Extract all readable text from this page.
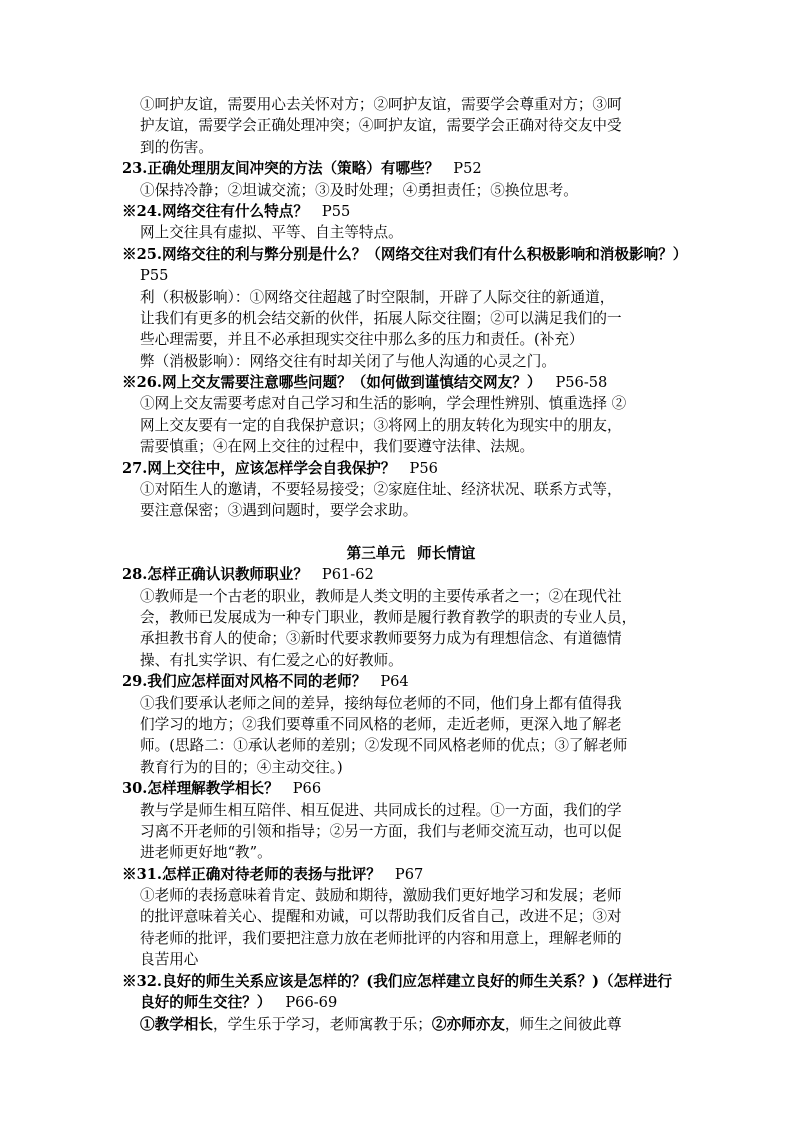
①呵护友谊，需要用心去关怀对方；②呵护友谊，需要学会尊重对方；③呵
护友谊，需要学会正确处理冲突；④呵护友谊，需要学会正确对待交友中受
到的伤害。
23.正确处理朋友间冲突的方法（策略）有哪些？ P52
①保持冷静；②坦诚交流；③及时处理；④勇担责任；⑤换位思考。
※24.网络交往有什么特点？ P55
网上交往具有虚拟、平等、自主等特点。
※25.网络交往的利与弊分别是什么？（网络交往对我们有什么积极影响和消极影响？）
P55
利（积极影响）：①网络交往超越了时空限制，开辟了人际交往的新通道，
让我们有更多的机会结交新的伙伴，拓展人际交往圈；②可以满足我们的一
些心理需要，并且不必承担现实交往中那么多的压力和责任。(补充）
弊（消极影响）：网络交往有时却关闭了与他人沟通的心灵之门。
※26.网上交友需要注意哪些问题？（如何做到谨慎结交网友？） P56-58
①网上交友需要考虑对自己学习和生活的影响，学会理性辨别、慎重选择 ②
网上交友要有一定的自我保护意识；③将网上的朋友转化为现实中的朋友，
需要慎重；④在网上交往的过程中，我们要遵守法律、法规。
27.网上交往中，应该怎样学会自我保护？ P56
①对陌生人的邀请，不要轻易接受；②家庭住址、经济状况、联系方式等，
要注意保密；③遇到问题时，要学会求助。
第三单元 师长情谊
28.怎样正确认识教师职业？ P61-62
①教师是一个古老的职业，教师是人类文明的主要传承者之一；②在现代社
会，教师已发展成为一种专门职业，教师是履行教育教学的职责的专业人员，
承担教书育人的使命；③新时代要求教师要努力成为有理想信念、有道德情
操、有扎实学识、有仁爱之心的好教师。
29.我们应怎样面对风格不同的老师？ P64
①我们要承认老师之间的差异，接纳每位老师的不同，他们身上都有值得我
们学习的地方；②我们要尊重不同风格的老师，走近老师，更深入地了解老
师。(思路二：①承认老师的差别；②发现不同风格老师的优点；③了解老师
教育行为的目的；④主动交往。)
30.怎样理解教学相长？ P66
教与学是师生相互陪伴、相互促进、共同成长的过程。①一方面，我们的学
习离不开老师的引领和指导；②另一方面，我们与老师交流互动，也可以促
进老师更好地“教”。
※31.怎样正确对待老师的表扬与批评？ P67
①老师的表扬意味着肯定、鼓励和期待，激励我们更好地学习和发展；老师
的批评意味着关心、提醒和劝诫，可以帮助我们反省自己，改进不足；③对
待老师的批评，我们要把注意力放在老师批评的内容和用意上，理解老师的
良苦用心
※32.良好的师生关系应该是怎样的？(我们应怎样建立良好的师生关系？)（怎样进行
良好的师生交往？） P66-69
①教学相长，学生乐于学习，老师寓教于乐；②亦师亦友，师生之间彼此尊
